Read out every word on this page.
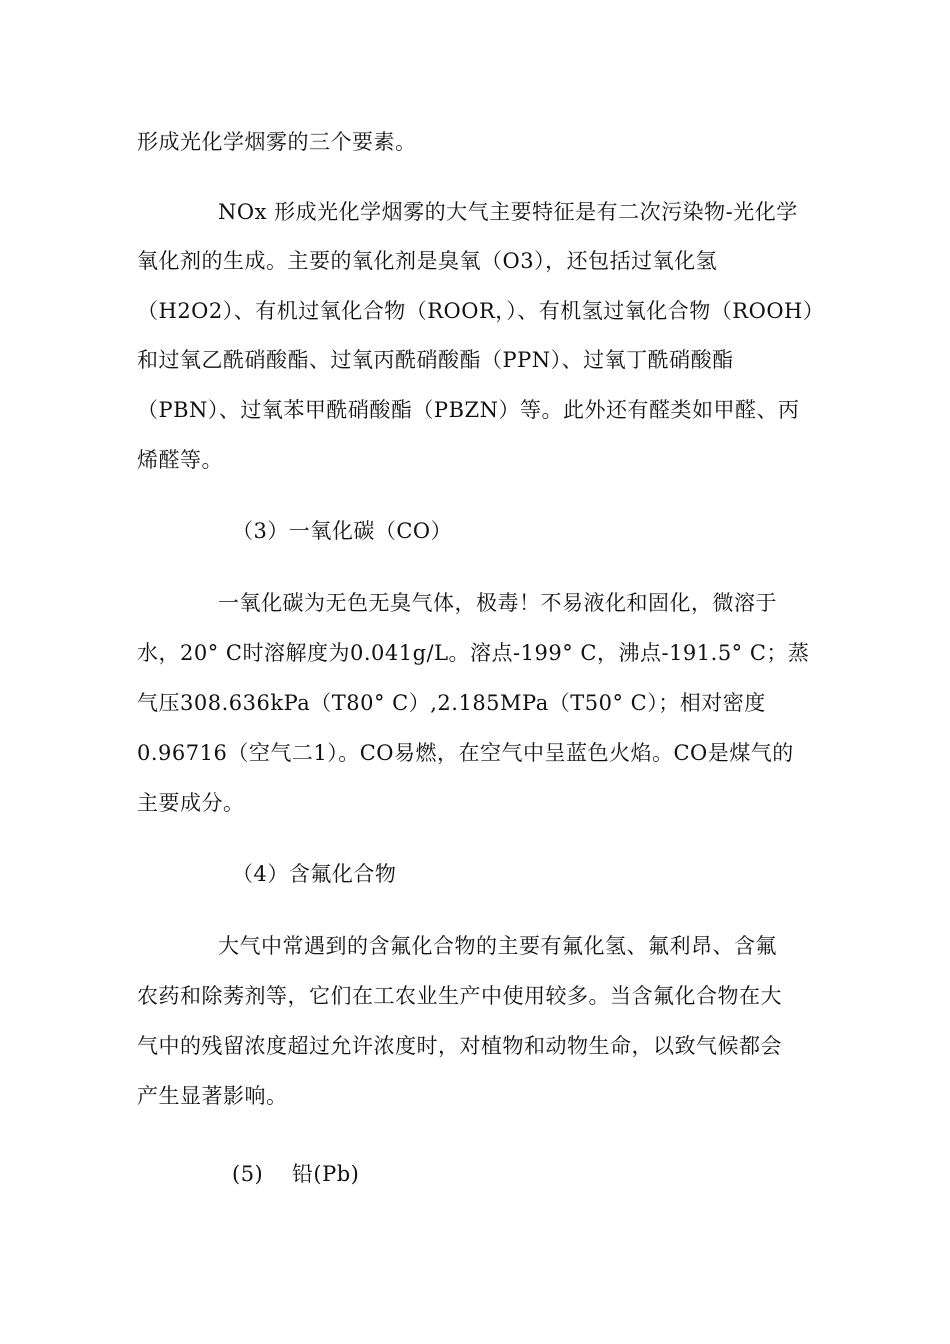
形成光化学烟雾的三个要素。
NOx 形成光化学烟雾的大气主要特征是有二次污染物-光化学
氧化剂的生成。主要的氧化剂是臭氧（O3），还包括过氧化氢
（H2O2）、有机过氧化合物（ROOR，）、有机氢过氧化合物（ROOH）
和过氧乙酰硝酸酯、过氧丙酰硝酸酯（PPN）、过氧丁酰硝酸酯
（PBN）、过氧苯甲酰硝酸酯（PBZN）等。此外还有醛类如甲醛、丙
烯醛等。
（3）一氧化碳（CO）
一氧化碳为无色无臭气体，极毒！不易液化和固化，微溶于
水，20° C时溶解度为0.041g/L。溶点-199° C，沸点-191.5° C；蒸
气压308.636kPa（T80° C）,2.185MPa（T50° C）；相对密度
0.96716（空气二1）。CO易燃，在空气中呈蓝色火焰。CO是煤气的
主要成分。
（4）含氟化合物
大气中常遇到的含氟化合物的主要有氟化氢、氟利昂、含氟
农药和除莠剂等，它们在工农业生产中使用较多。当含氟化合物在大
气中的残留浓度超过允许浓度时，对植物和动物生命，以致气候都会
产生显著影响。
(5)　 铅(Pb)
